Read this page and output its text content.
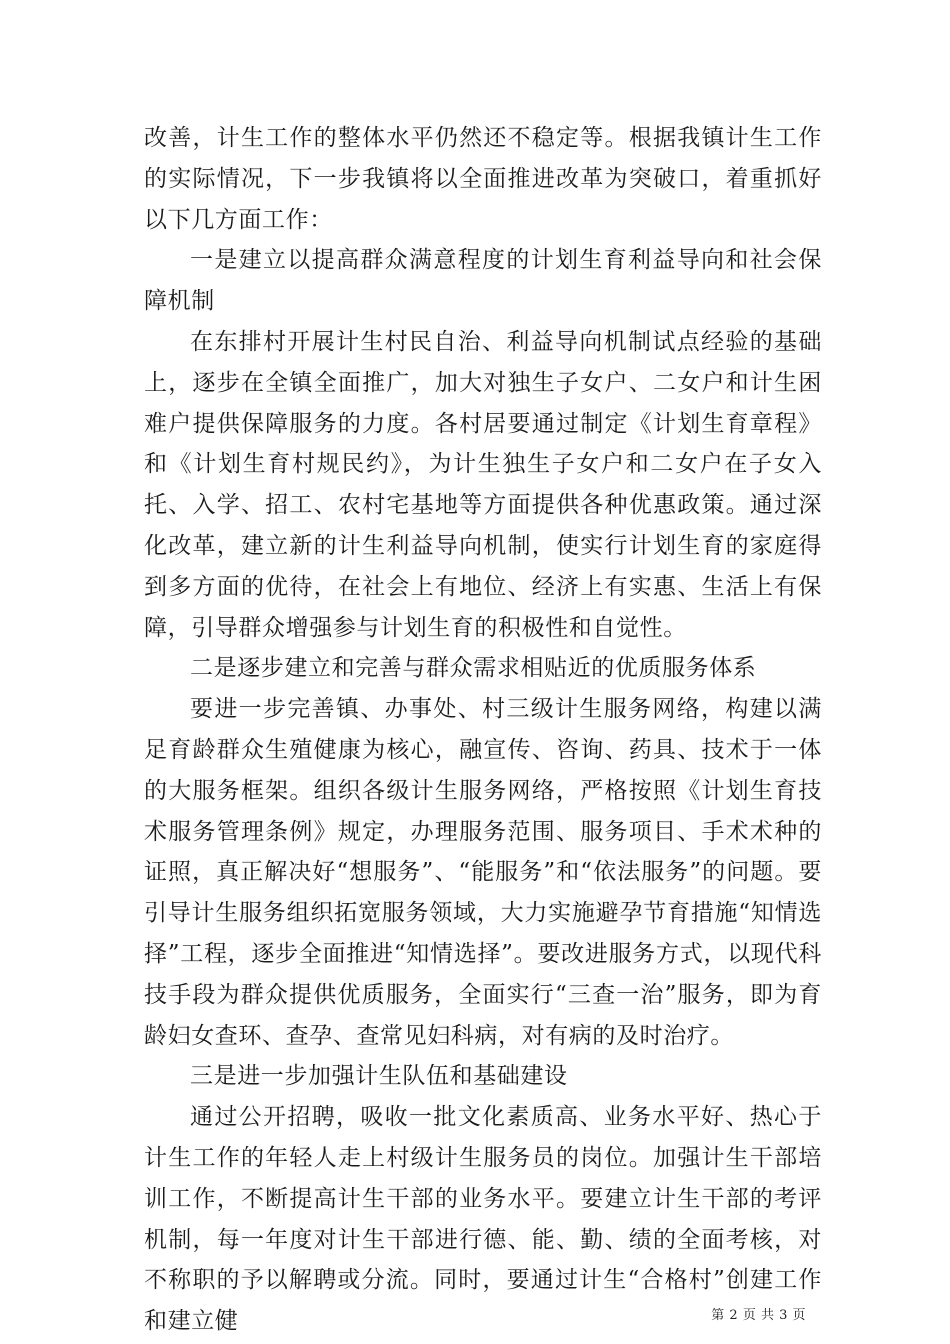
改善，计生工作的整体水平仍然还不稳定等。根据我镇计生工作的实际情况，下一步我镇将以全面推进改革为突破口，着重抓好以下几方面工作：

一是建立以提高群众满意程度的计划生育利益导向和社会保障机制

在东排村开展计生村民自治、利益导向机制试点经验的基础上，逐步在全镇全面推广，加大对独生子女户、二女户和计生困难户提供保障服务的力度。各村居要通过制定《计划生育章程》和《计划生育村规民约》，为计生独生子女户和二女户在子女入托、入学、招工、农村宅基地等方面提供各种优惠政策。通过深化改革，建立新的计生利益导向机制，使实行计划生育的家庭得到多方面的优待，在社会上有地位、经济上有实惠、生活上有保障，引导群众增强参与计划生育的积极性和自觉性。

二是逐步建立和完善与群众需求相贴近的优质服务体系

要进一步完善镇、办事处、村三级计生服务网络，构建以满足育龄群众生殖健康为核心，融宣传、咨询、药具、技术于一体的大服务框架。组织各级计生服务网络，严格按照《计划生育技术服务管理条例》规定，办理服务范围、服务项目、手术术种的证照，真正解决好“想服务”、“能服务”和“依法服务”的问题。要引导计生服务组织拓宽服务领域，大力实施避孕节育措施“知情选择”工程，逐步全面推进“知情选择”。要改进服务方式，以现代科技手段为群众提供优质服务，全面实行“三查一治”服务，即为育龄妇女查环、查孕、查常见妇科病，对有病的及时治疗。

三是进一步加强计生队伍和基础建设

通过公开招聘，吸收一批文化素质高、业务水平好、热心于计生工作的年轻人走上村级计生服务员的岗位。加强计生干部培训工作，不断提高计生干部的业务水平。要建立计生干部的考评机制，每一年度对计生干部进行德、能、勤、绩的全面考核，对不称职的予以解聘或分流。同时，要通过计生“合格村”创建工作和建立健	第 2 页 共 3 页
